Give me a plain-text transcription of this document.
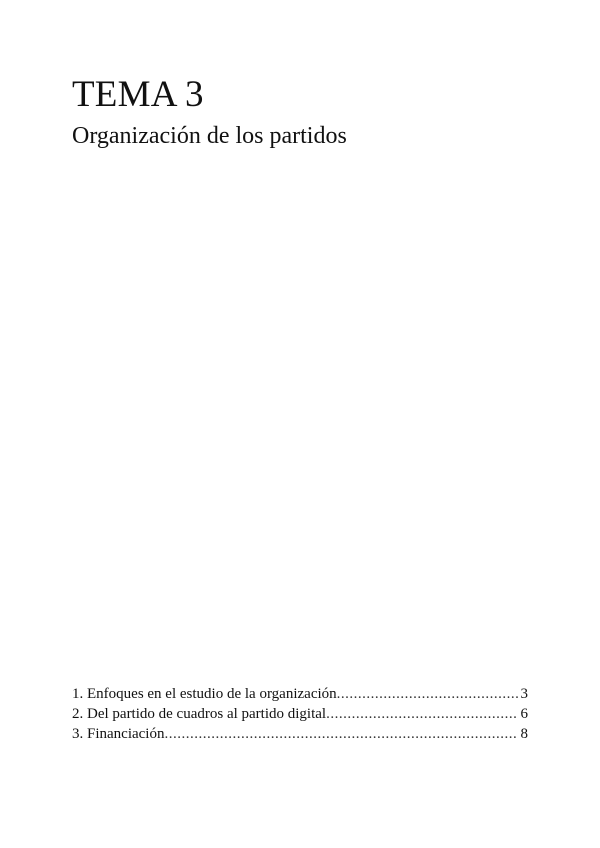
TEMA 3
Organización de los partidos
1. Enfoques en el estudio de la organización .....	3
2. Del partido de cuadros al partido digital .....	6
3. Financiación .....	8
